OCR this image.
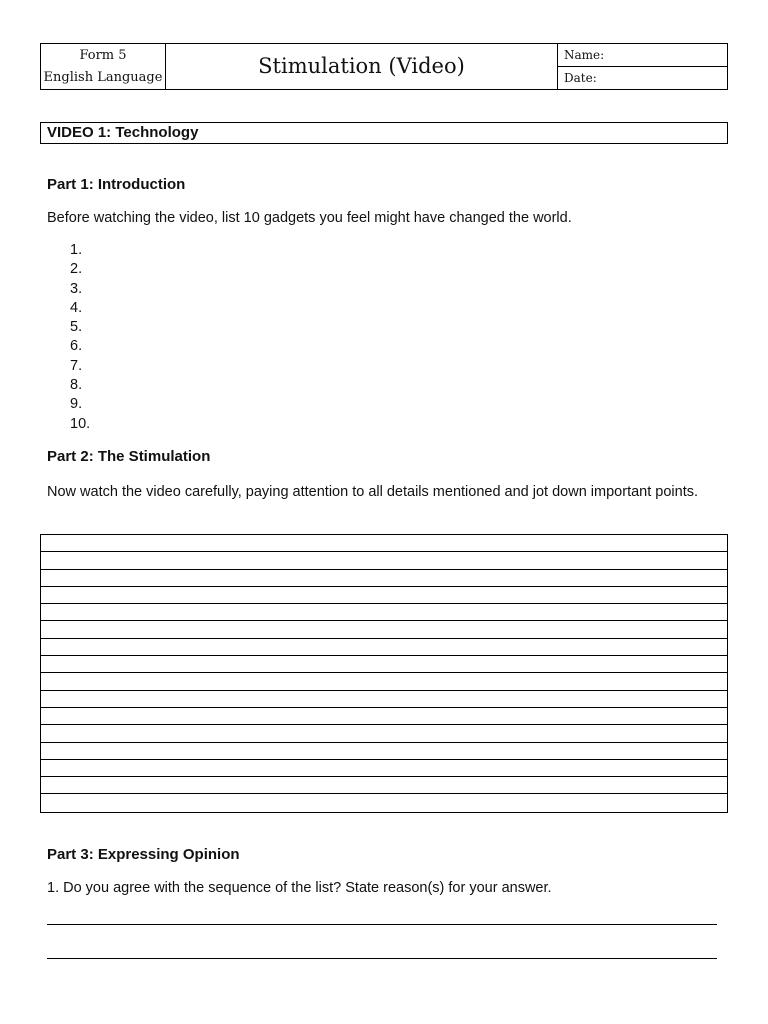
Form 5
English Language	Stimulation (Video)	Name:
Date:
VIDEO 1: Technology
Part 1: Introduction
Before watching the video, list 10 gadgets you feel might have changed the world.
1.
2.
3.
4.
5.
6.
7.
8.
9.
10.
Part 2: The Stimulation
Now watch the video carefully, paying attention to all details mentioned and jot down important points.
Part 3: Expressing Opinion
1. Do you agree with the sequence of the list? State reason(s) for your answer.
